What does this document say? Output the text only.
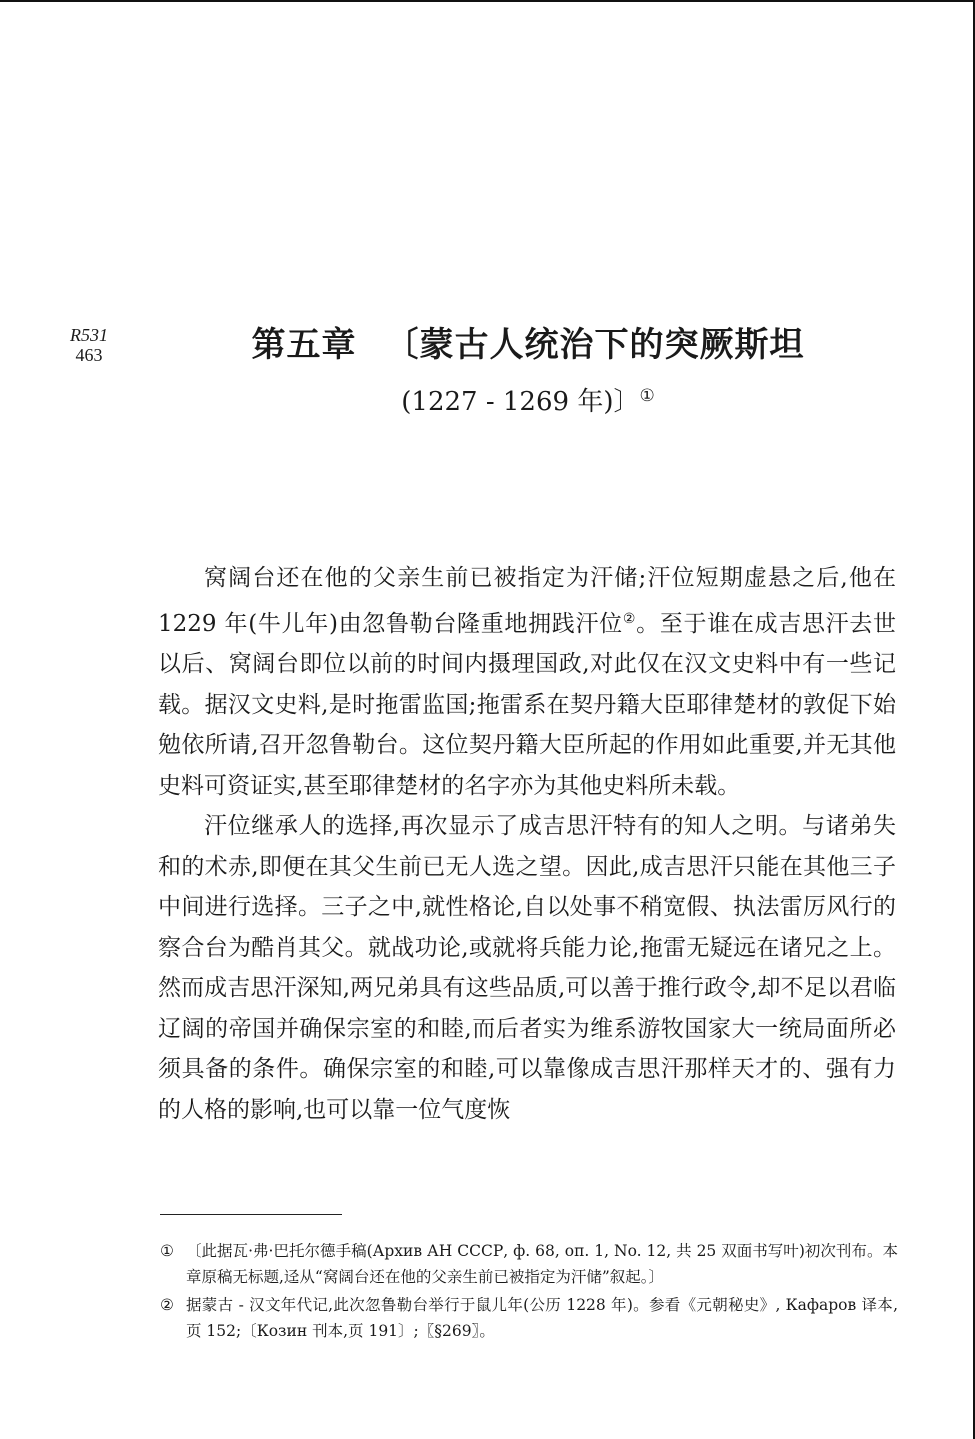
R531
463	第五章 〔蒙古人统治下的突厥斯坦
(1227 - 1269 年)〕①

窝阔台还在他的父亲生前已被指定为汗储;汗位短期虚悬之后,他在 1229 年(牛儿年)由忽鲁勒台隆重地拥践汗位②。至于谁在成吉思汗去世以后、窝阔台即位以前的时间内摄理国政,对此仅在汉文史料中有一些记载。据汉文史料,是时拖雷监国;拖雷系在契丹籍大臣耶律楚材的敦促下始勉依所请,召开忽鲁勒台。这位契丹籍大臣所起的作用如此重要,并无其他史料可资证实,甚至耶律楚材的名字亦为其他史料所未载。

汗位继承人的选择,再次显示了成吉思汗特有的知人之明。与诸弟失和的术赤,即便在其父生前已无人选之望。因此,成吉思汗只能在其他三子中间进行选择。三子之中,就性格论,自以处事不稍宽假、执法雷厉风行的察合台为酷肖其父。就战功论,或就将兵能力论,拖雷无疑远在诸兄之上。然而成吉思汗深知,两兄弟具有这些品质,可以善于推行政令,却不足以君临辽阔的帝国并确保宗室的和睦,而后者实为维系游牧国家大一统局面所必须具备的条件。确保宗室的和睦,可以靠像成吉思汗那样天才的、强有力的人格的影响,也可以靠一位气度恢

① 〔此据瓦·弗·巴托尔德手稿(Архив АН СССР, ф. 68, оп. 1, No. 12, 共 25 双面书写叶)初次刊布。本章原稿无标题,迳从“窝阔台还在他的父亲生前已被指定为汗储”叙起。〕
② 据蒙古 - 汉文年代记,此次忽鲁勒台举行于鼠儿年(公历 1228 年)。参看《元朝秘史》, Кафаров 译本,页 152;〔Козин 刊本,页 191〕;〖§269〗。
